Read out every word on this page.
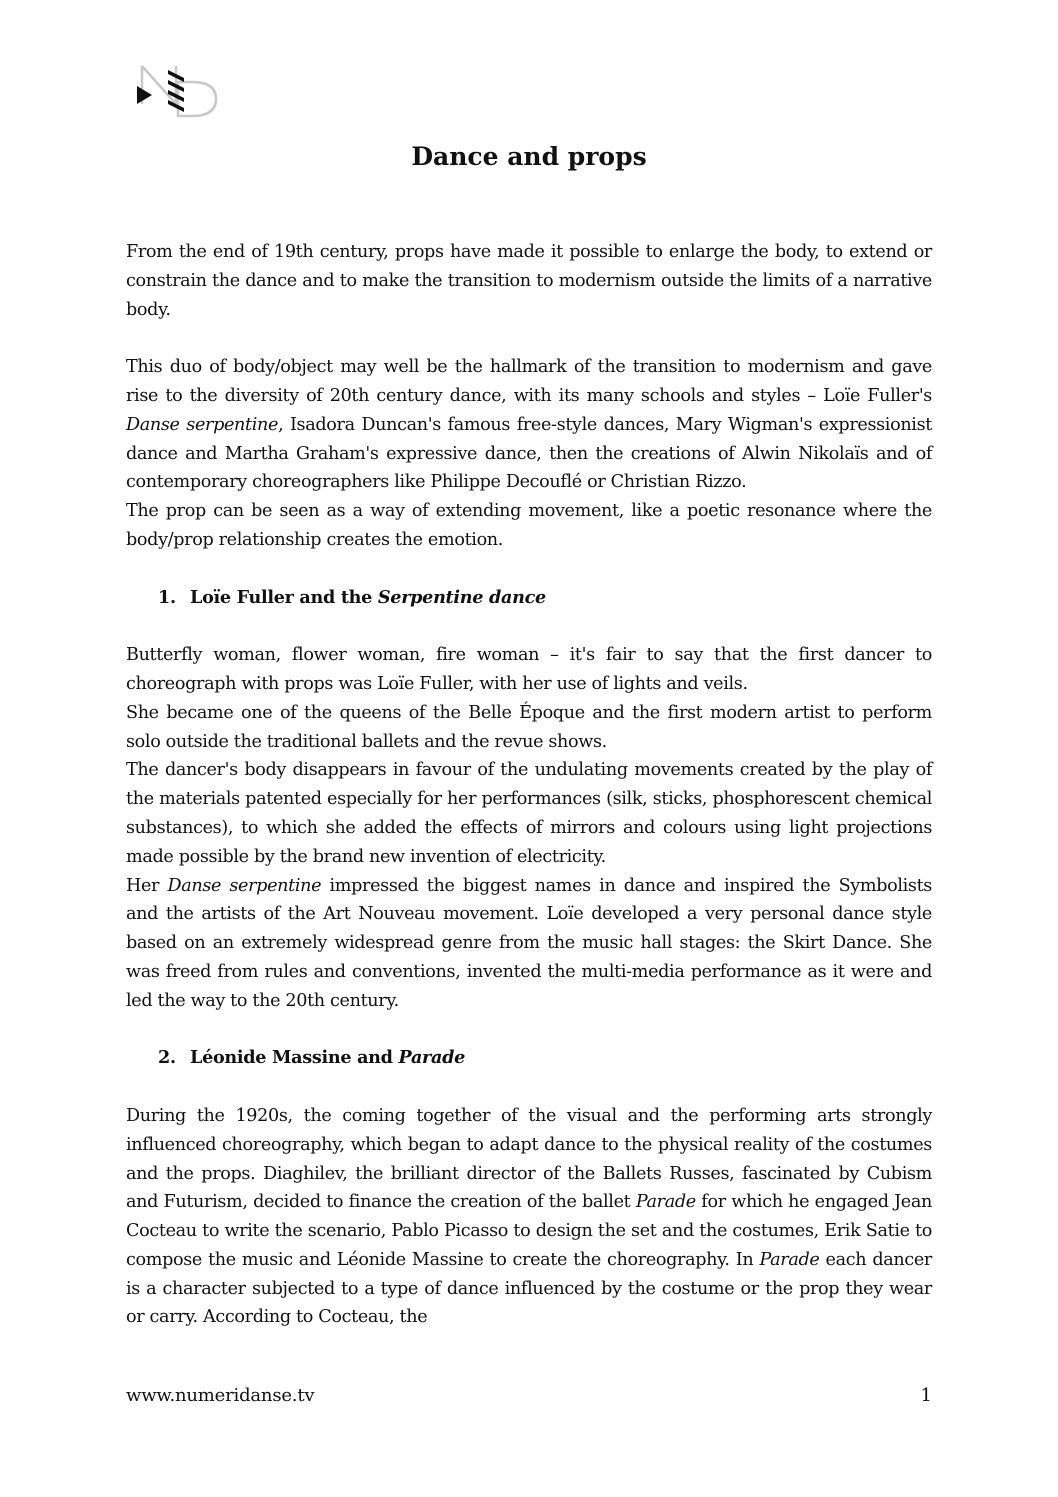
Dance and props

From the end of 19th century, props have made it possible to enlarge the body, to extend or constrain the dance and to make the transition to modernism outside the limits of a narrative body.

This duo of body/object may well be the hallmark of the transition to modernism and gave rise to the diversity of 20th century dance, with its many schools and styles – Loïe Fuller's Danse serpentine, Isadora Duncan's famous free-style dances, Mary Wigman's expressionist dance and Martha Graham's expressive dance, then the creations of Alwin Nikolaïs and of contemporary choreographers like Philippe Decouflé or Christian Rizzo.

The prop can be seen as a way of extending movement, like a poetic resonance where the body/prop relationship creates the emotion.

1. Loïe Fuller and the Serpentine dance

Butterfly woman, flower woman, fire woman – it's fair to say that the first dancer to choreograph with props was Loïe Fuller, with her use of lights and veils.

She became one of the queens of the Belle Époque and the first modern artist to perform solo outside the traditional ballets and the revue shows.

The dancer's body disappears in favour of the undulating movements created by the play of the materials patented especially for her performances (silk, sticks, phosphorescent chemical substances), to which she added the effects of mirrors and colours using light projections made possible by the brand new invention of electricity.

Her Danse serpentine impressed the biggest names in dance and inspired the Symbolists and the artists of the Art Nouveau movement. Loïe developed a very personal dance style based on an extremely widespread genre from the music hall stages: the Skirt Dance. She was freed from rules and conventions, invented the multi-media performance as it were and led the way to the 20th century.

2. Léonide Massine and Parade

During the 1920s, the coming together of the visual and the performing arts strongly influenced choreography, which began to adapt dance to the physical reality of the costumes and the props. Diaghilev, the brilliant director of the Ballets Russes, fascinated by Cubism and Futurism, decided to finance the creation of the ballet Parade for which he engaged Jean Cocteau to write the scenario, Pablo Picasso to design the set and the costumes, Erik Satie to compose the music and Léonide Massine to create the choreography. In Parade each dancer is a character subjected to a type of dance influenced by the costume or the prop they wear or carry. According to Cocteau, the

www.numeridanse.tv	1
